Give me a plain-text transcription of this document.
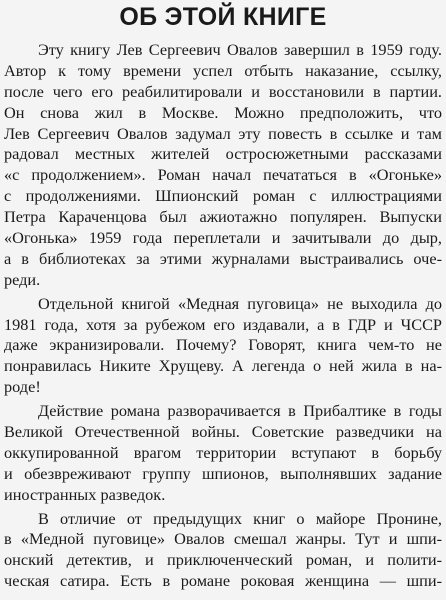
ОБ ЭТОЙ КНИГЕ
Эту книгу Лев Сергеевич Овалов завершил в 1959 году.
Автор к тому времени успел отбыть наказание, ссылку,
после чего его реабилитировали и восстановили в партии.
Он снова жил в Москве. Можно предположить, что
Лев Сергеевич Овалов задумал эту повесть в ссылке и там
радовал местных жителей остросюжетными рассказами
«с продолжением». Роман начал печататься в «Огоньке»
с продолжениями. Шпионский роман с иллюстрациями
Петра Караченцова был ажиотажно популярен. Выпуски
«Огонька» 1959 года переплетали и зачитывали до дыр,
а в библиотеках за этими журналами выстраивались оче-
реди.
Отдельной книгой «Медная пуговица» не выходила до
1981 года, хотя за рубежом его издавали, а в ГДР и ЧССР
даже экранизировали. Почему? Говорят, книга чем-то не
понравилась Никите Хрущеву. А легенда о ней жила в на-
роде!
Действие романа разворачивается в Прибалтике в годы
Великой Отечественной войны. Советские разведчики на
оккупированной врагом территории вступают в борьбу
и обезвреживают группу шпионов, выполнявших задание
иностранных разведок.
В отличие от предыдущих книг о майоре Пронине,
в «Медной пуговице» Овалов смешал жанры. Тут и шпи-
онский детектив, и приключенческий роман, и полити-
ческая сатира. Есть в романе роковая женщина — шпи-
